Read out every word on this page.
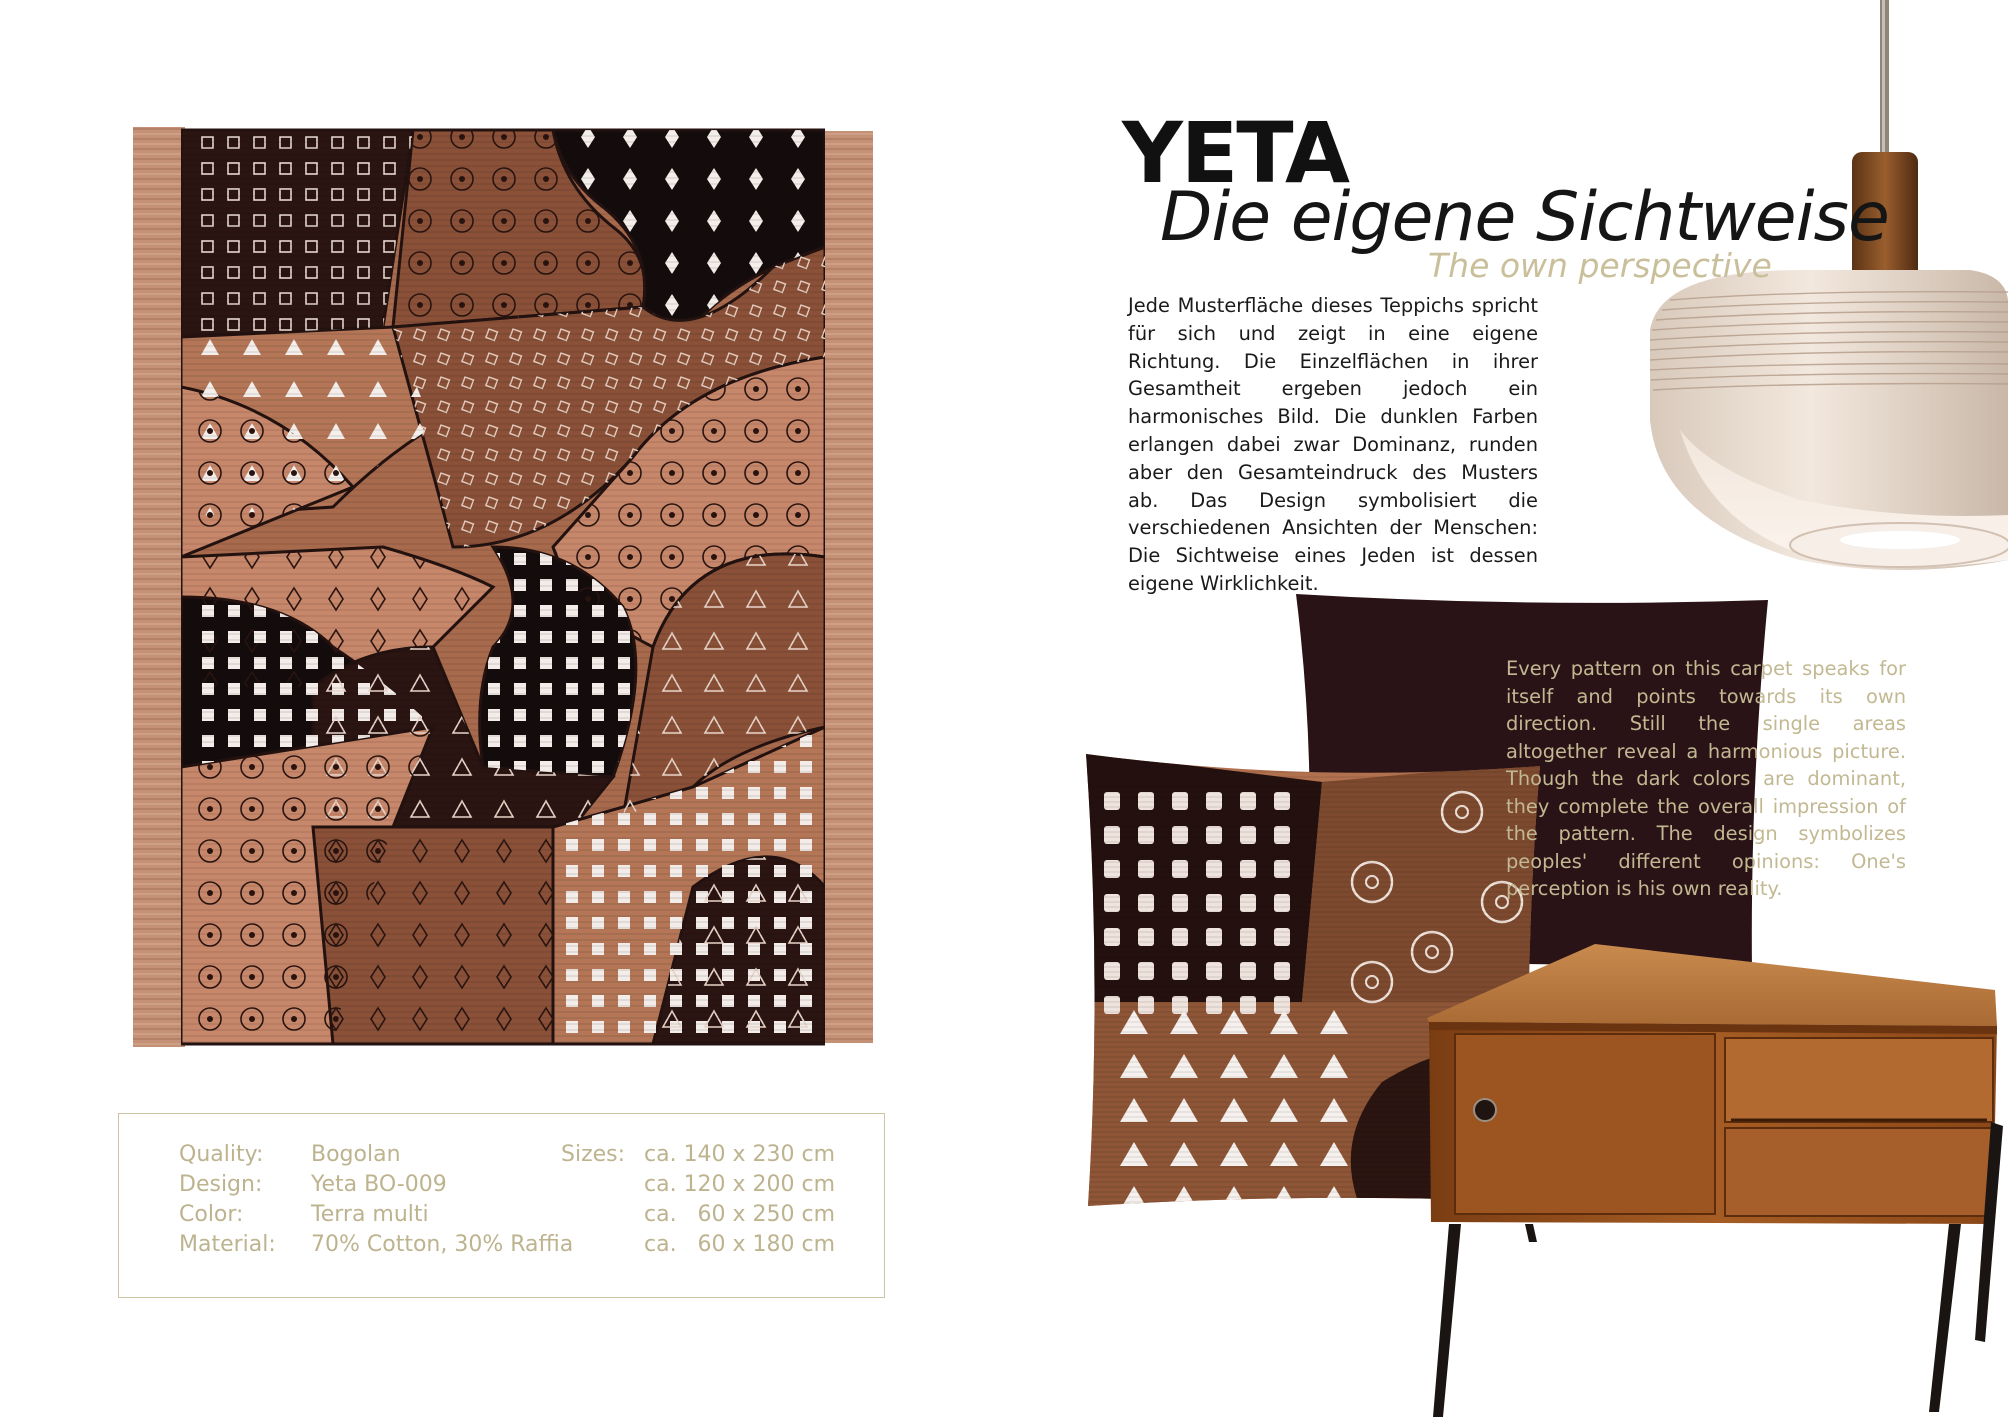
Quality: Bogolan
Design: Yeta BO-009
Color:	Terra multi
Material: 70% Cotton, 30% Raffia
Sizes: ca. 140 x 230 cm
ca. 120 x 200 cm
ca.   60 x 250 cm
ca.   60 x 180 cm
YETA
Die eigene Sichtweise
The own perspective
Jede Musterfläche dieses Teppichs spricht für sich und zeigt in eine eigene Richtung. Die Einzelflächen in ihrer Gesamtheit ergeben jedoch ein harmonisches Bild. Die dunklen Farben erlangen dabei zwar Dominanz, runden aber den Gesamteindruck des Musters ab. Das Design symbolisiert die verschiedenen Ansichten der Menschen: Die Sichtweise eines Jeden ist dessen eigene Wirklichkeit.
Every pattern on this carpet speaks for itself and points towards its own direction. Still the single areas altogether reveal a harmonious picture. Though the dark colors are dominant, they complete the overall impression of the pattern. The design symbolizes peoples' different opinions: One's perception is his own reality.
